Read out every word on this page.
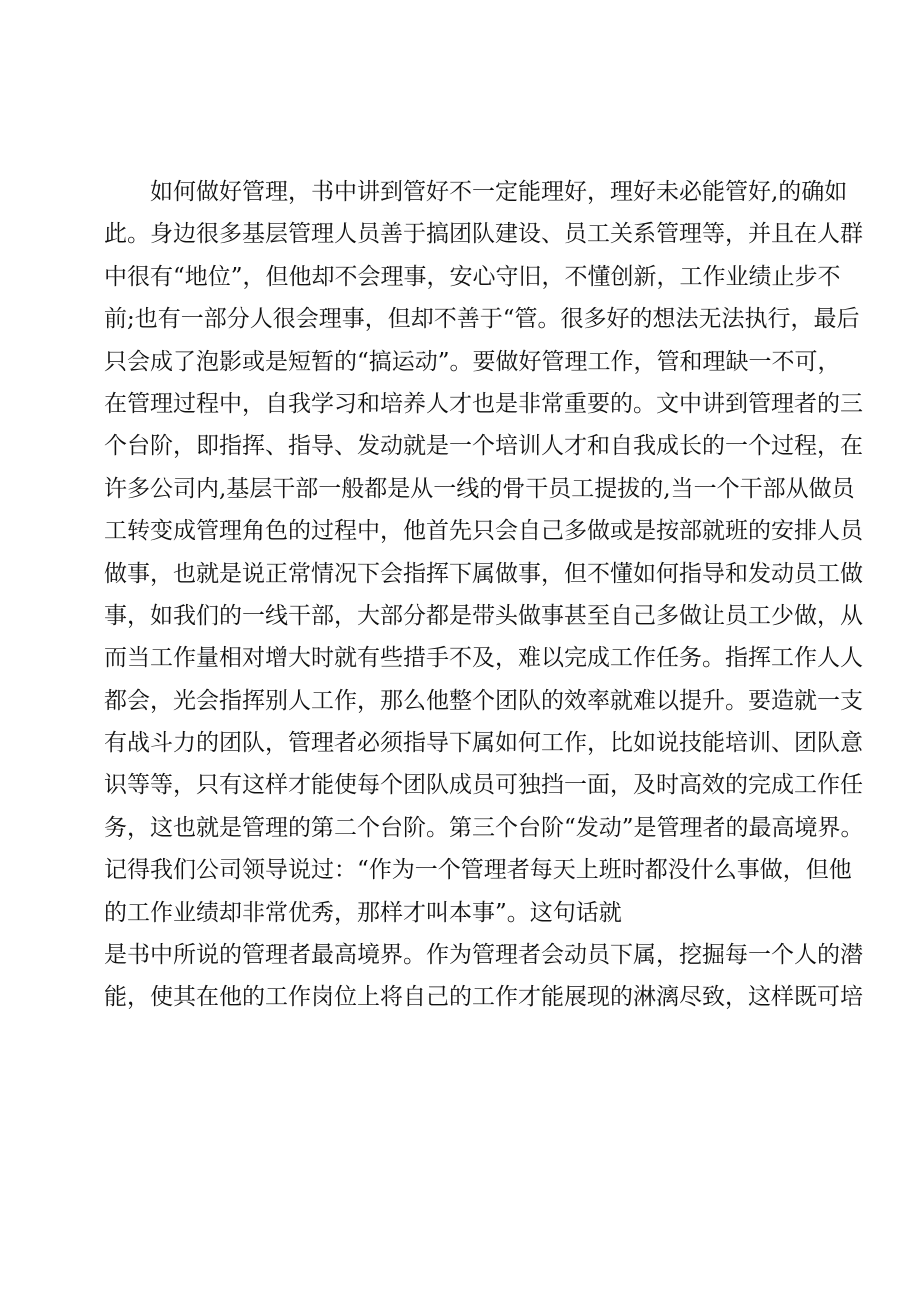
如何做好管理，书中讲到管好不一定能理好，理好未必能管好,的确如
此。身边很多基层管理人员善于搞团队建设、员工关系管理等，并且在人群
中很有“地位”，但他却不会理事，安心守旧，不懂创新，工作业绩止步不
前;也有一部分人很会理事，但却不善于“管。很多好的想法无法执行，最后
只会成了泡影或是短暂的“搞运动”。要做好管理工作，管和理缺一不可，
在管理过程中，自我学习和培养人才也是非常重要的。文中讲到管理者的三
个台阶，即指挥、指导、发动就是一个培训人才和自我成长的一个过程，在
许多公司内,基层干部一般都是从一线的骨干员工提拔的,当一个干部从做员
工转变成管理角色的过程中，他首先只会自己多做或是按部就班的安排人员
做事，也就是说正常情况下会指挥下属做事，但不懂如何指导和发动员工做
事，如我们的一线干部，大部分都是带头做事甚至自己多做让员工少做，从
而当工作量相对增大时就有些措手不及，难以完成工作任务。指挥工作人人
都会，光会指挥别人工作，那么他整个团队的效率就难以提升。要造就一支
有战斗力的团队，管理者必须指导下属如何工作，比如说技能培训、团队意
识等等，只有这样才能使每个团队成员可独挡一面，及时高效的完成工作任
务，这也就是管理的第二个台阶。第三个台阶“发动”是管理者的最高境界。
记得我们公司领导说过：“作为一个管理者每天上班时都没什么事做，但他
的工作业绩却非常优秀，那样才叫本事”。这句话就
是书中所说的管理者最高境界。作为管理者会动员下属，挖掘每一个人的潜
能，使其在他的工作岗位上将自己的工作才能展现的淋漓尽致，这样既可培
